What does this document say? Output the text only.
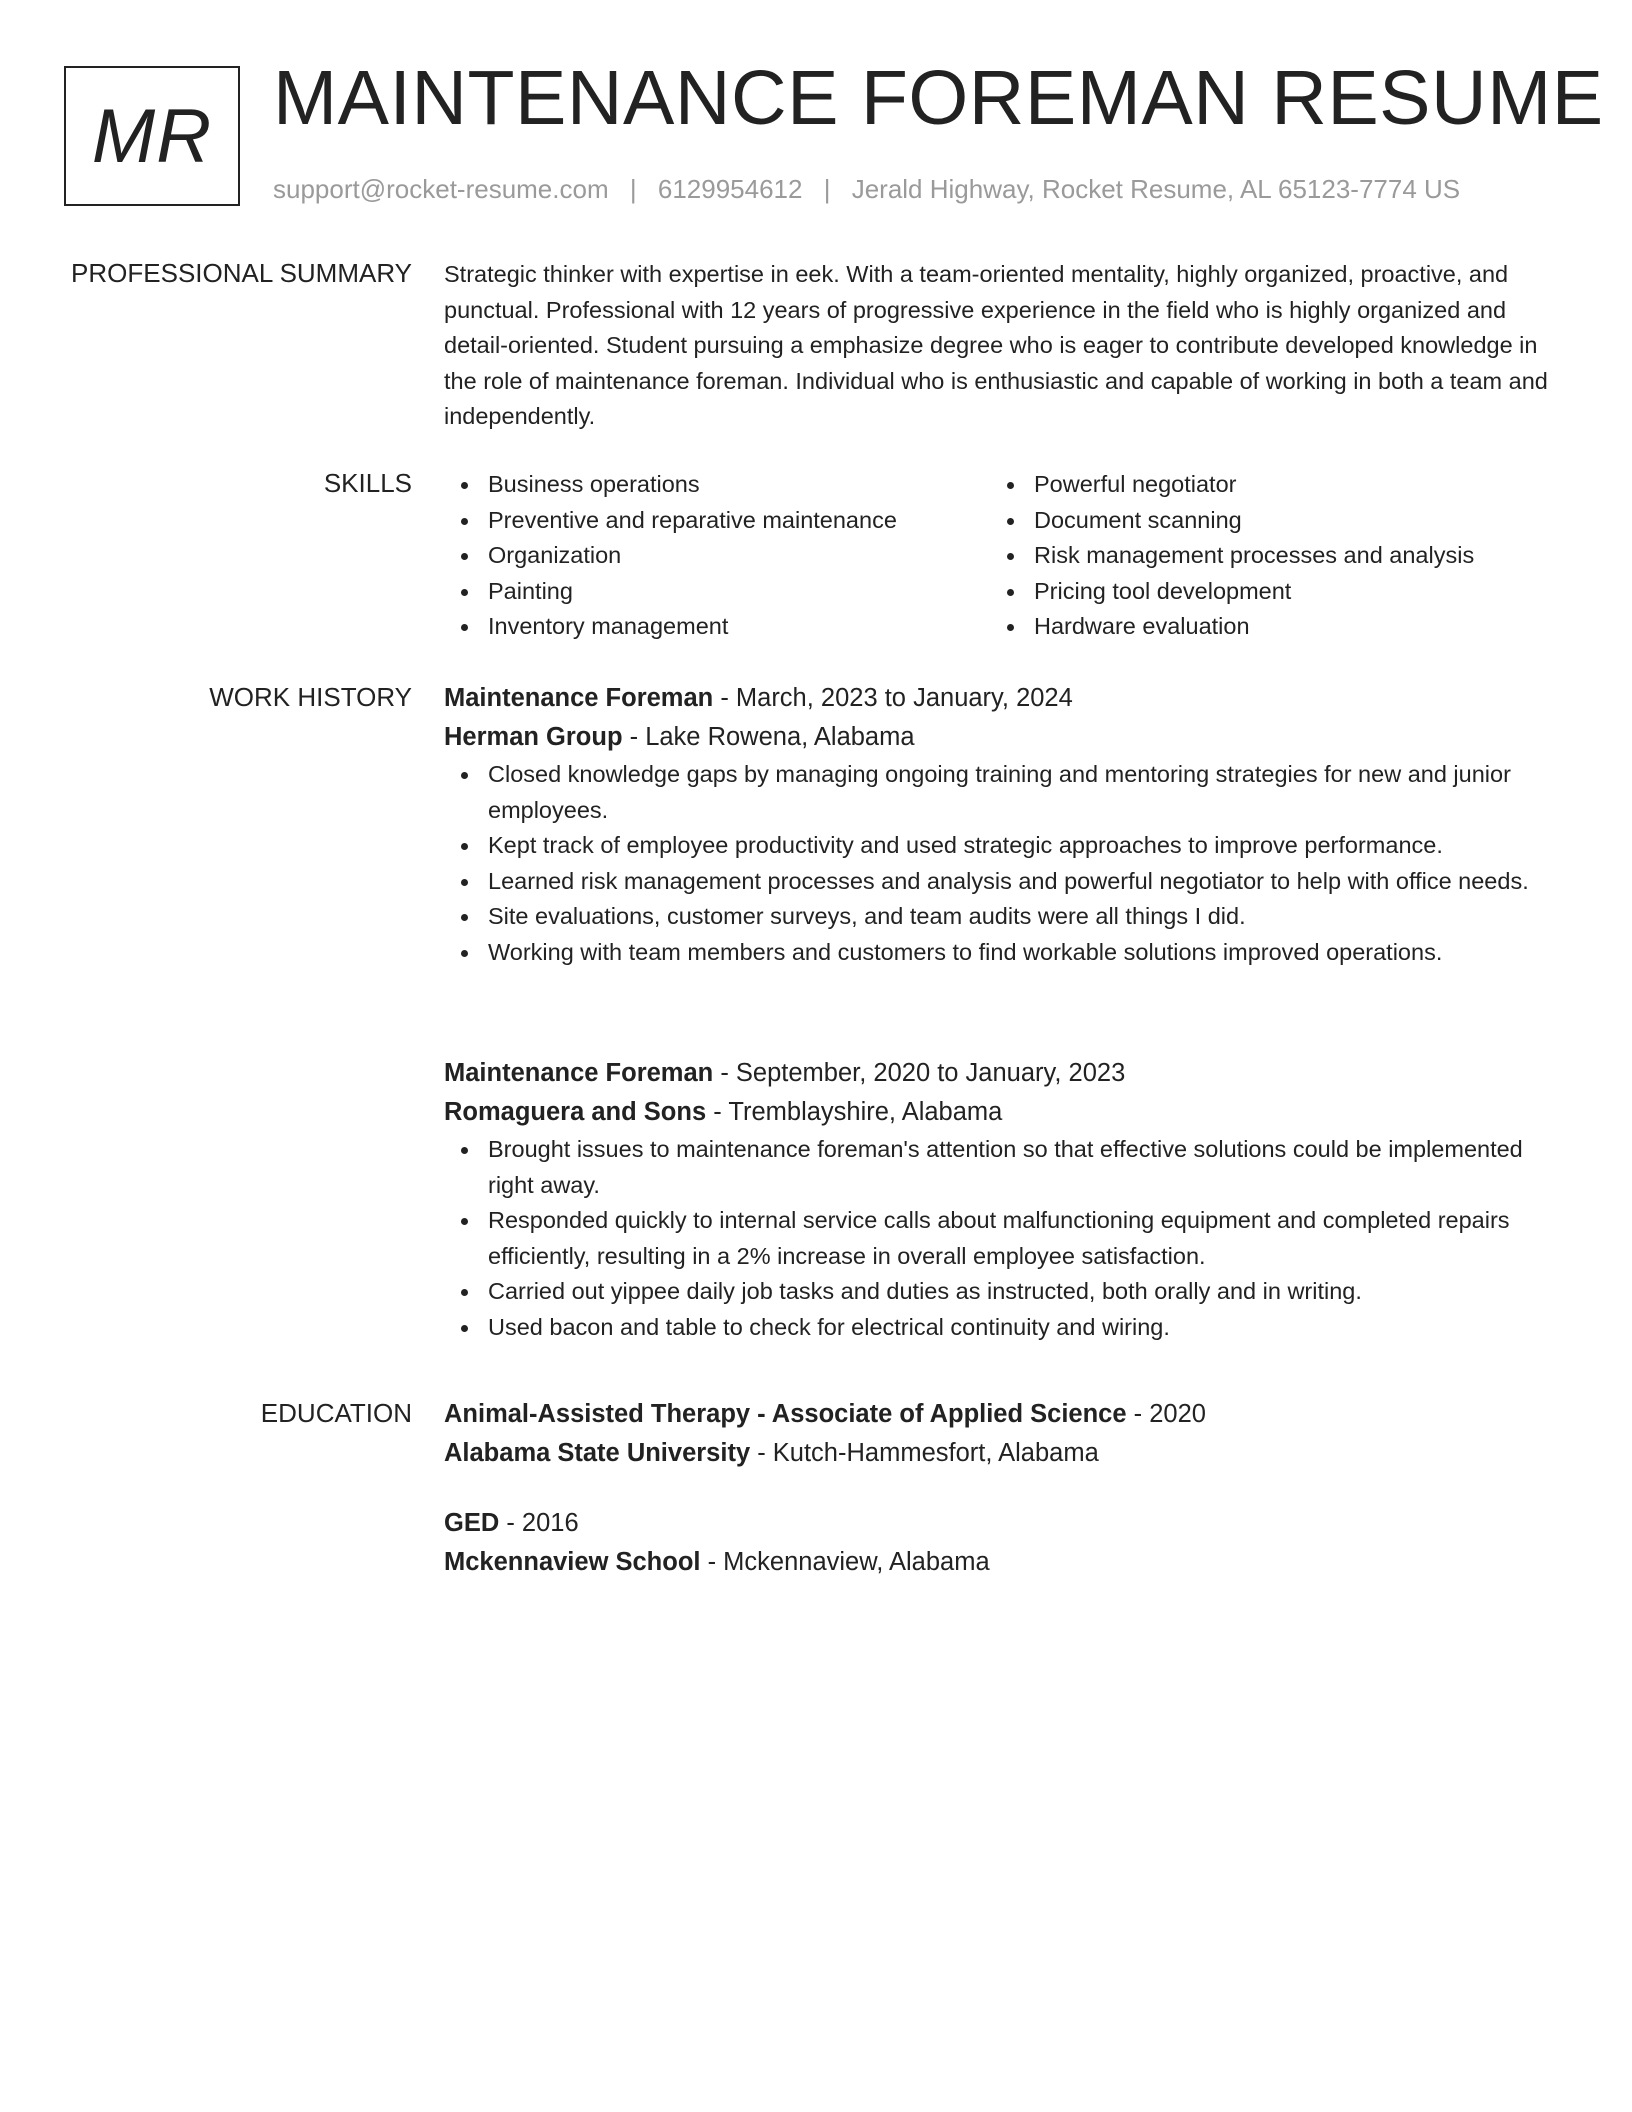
MR MAINTENANCE FOREMAN RESUME
support@rocket-resume.com | 6129954612 | Jerald Highway, Rocket Resume, AL 65123-7774 US
PROFESSIONAL SUMMARY Strategic thinker with expertise in eek. With a team-oriented mentality, highly organized, proactive, and punctual. Professional with 12 years of progressive experience in the field who is highly organized and detail-oriented. Student pursuing a emphasize degree who is eager to contribute developed knowledge in the role of maintenance foreman. Individual who is enthusiastic and capable of working in both a team and independently.

SKILLS	Business operations
Preventive and reparative maintenance
Organization
Painting
Inventory management
Powerful negotiator
Document scanning
Risk management processes and analysis
Pricing tool development
Hardware evaluation
WORK HISTORY Maintenance Foreman - March, 2023 to January, 2024
Herman Group - Lake Rowena, Alabama
Closed knowledge gaps by managing ongoing training and mentoring strategies for new and junior employees.
Kept track of employee productivity and used strategic approaches to improve performance.
Learned risk management processes and analysis and powerful negotiator to help with office needs.
Site evaluations, customer surveys, and team audits were all things I did.
Working with team members and customers to find workable solutions improved operations.
Maintenance Foreman - September, 2020 to January, 2023
Romaguera and Sons - Tremblayshire, Alabama
Brought issues to maintenance foreman's attention so that effective solutions could be implemented right away.
Responded quickly to internal service calls about malfunctioning equipment and completed repairs efficiently, resulting in a 2% increase in overall employee satisfaction.
Carried out yippee daily job tasks and duties as instructed, both orally and in writing.
Used bacon and table to check for electrical continuity and wiring.
EDUCATION Animal-Assisted Therapy - Associate of Applied Science - 2020
Alabama State University - Kutch-Hammesfort, Alabama
GED - 2016
Mckennaview School - Mckennaview, Alabama
